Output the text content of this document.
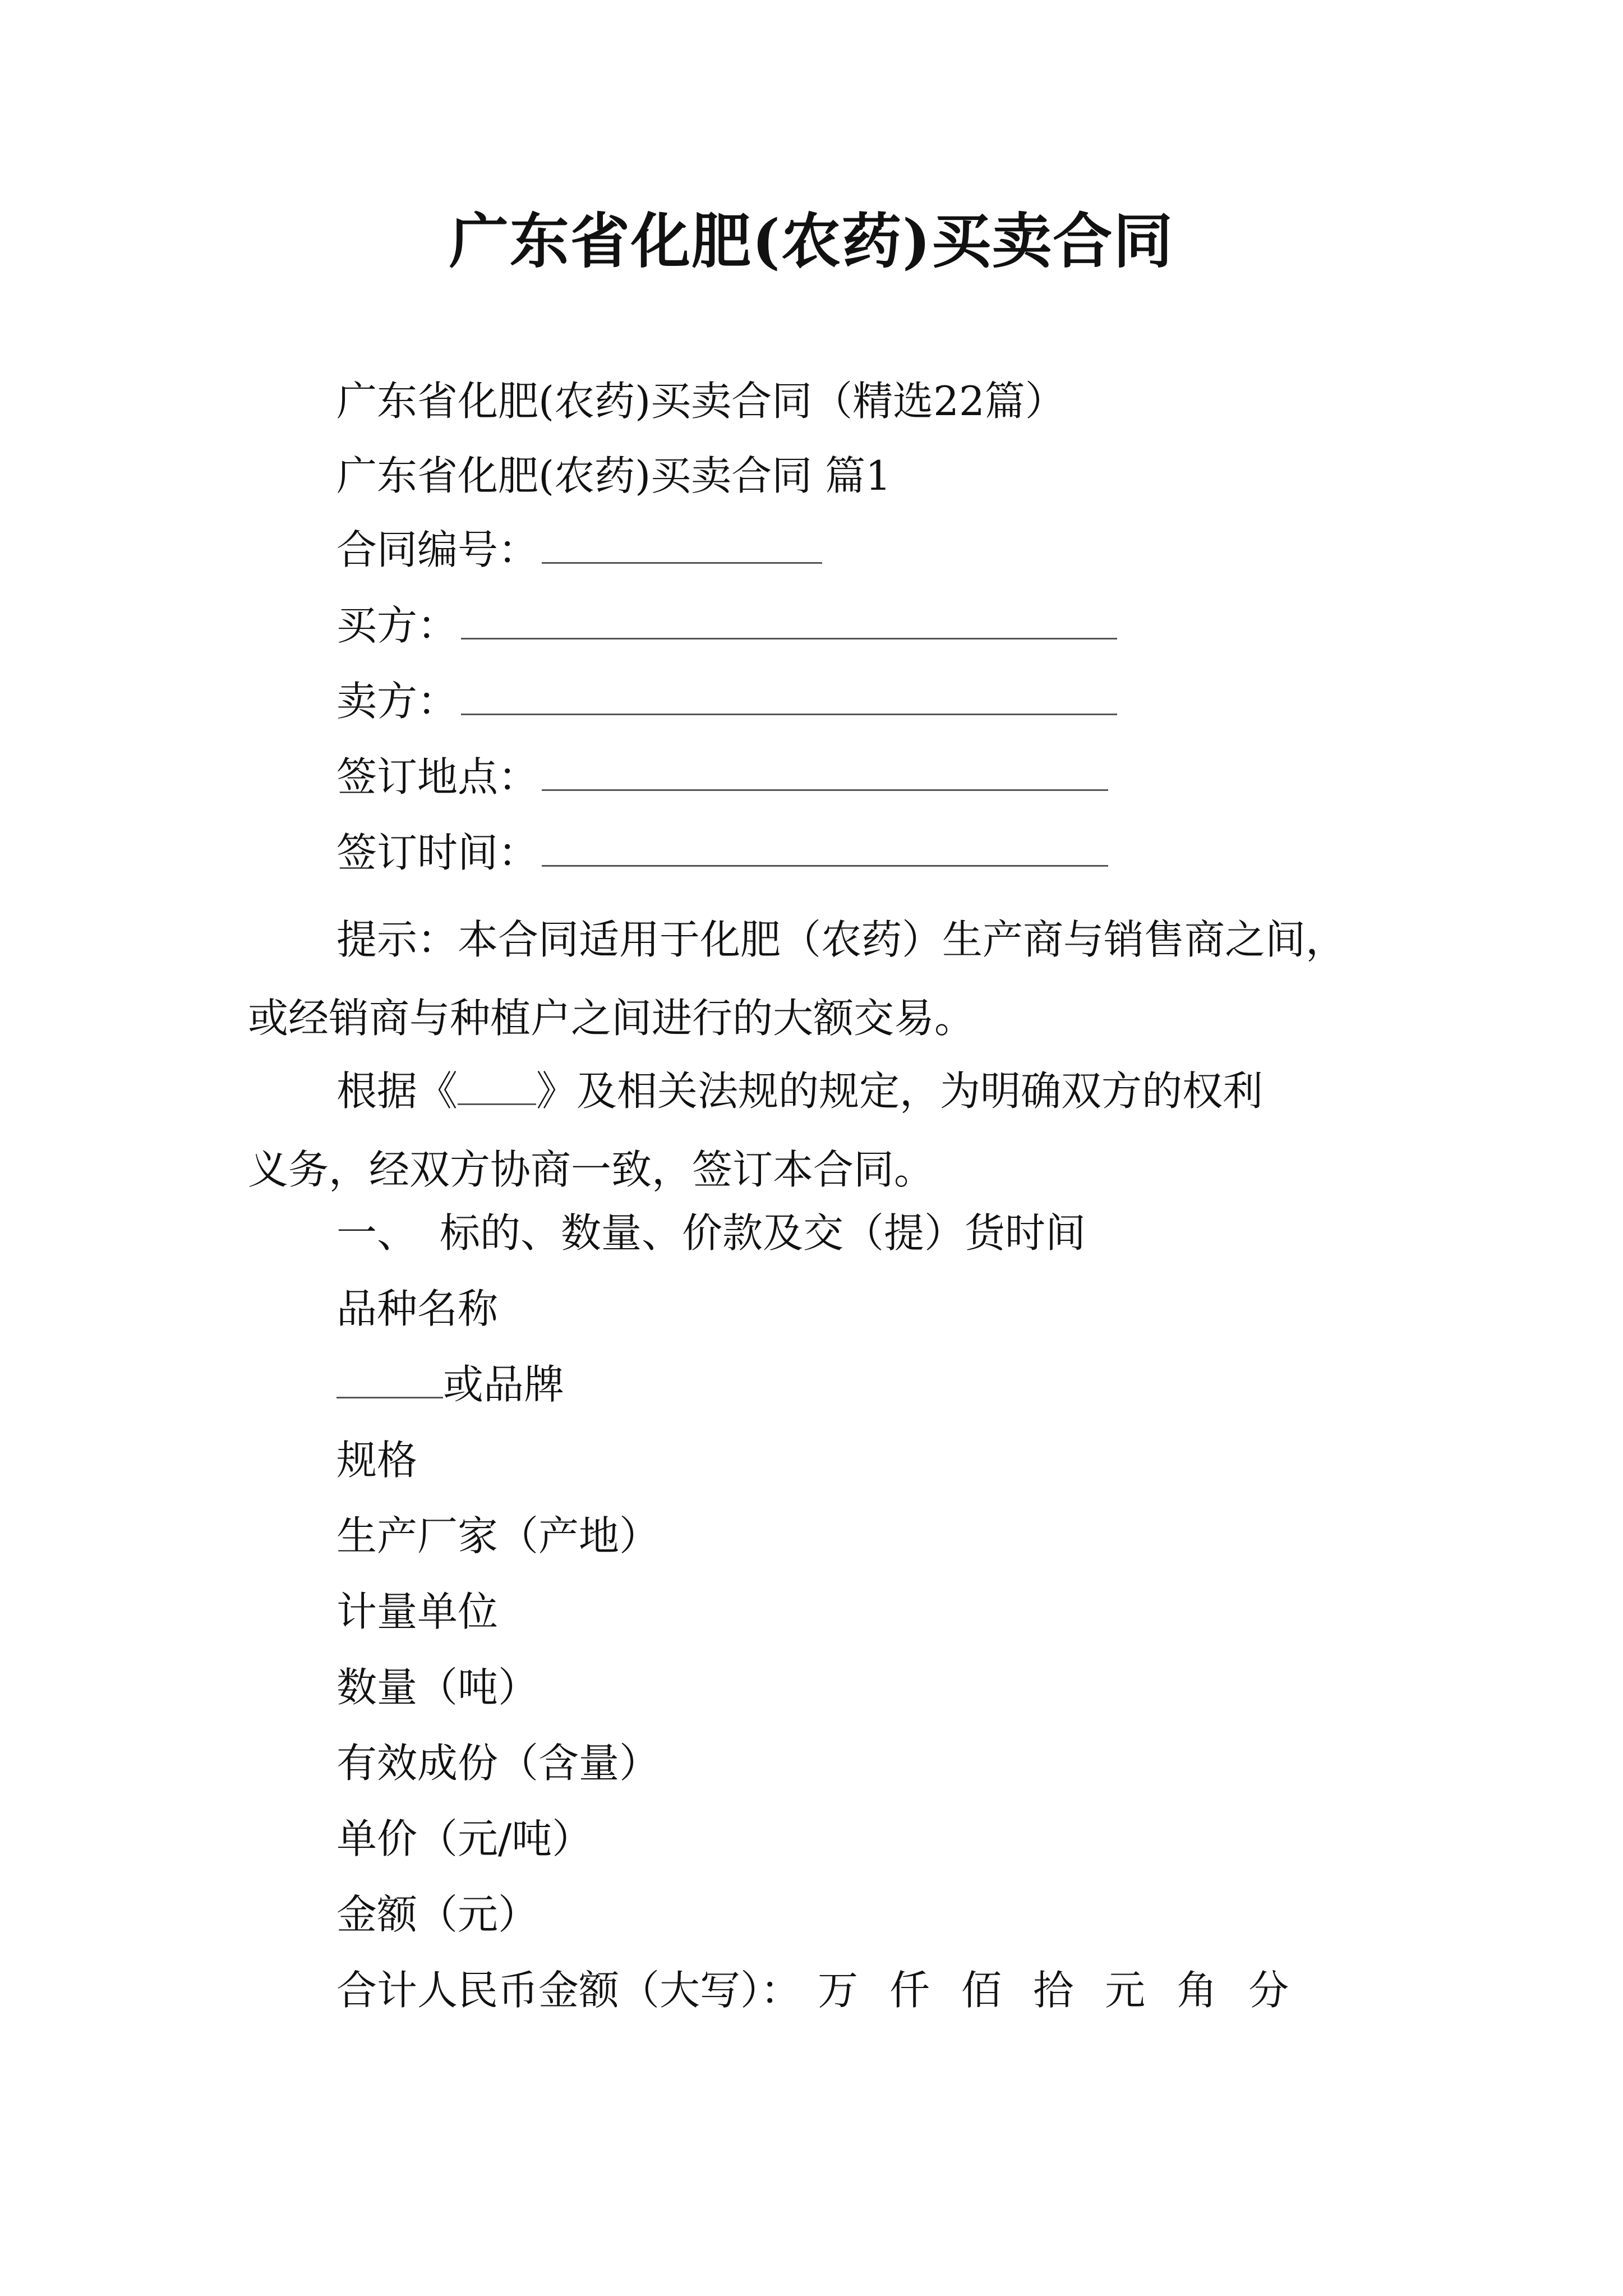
广东省化肥(农药)买卖合同
广东省化肥(农药)买卖合同（精选22篇）
广东省化肥(农药)买卖合同 篇1
合同编号：
买方：
卖方：
签订地点：
签订时间：
提示：本合同适用于化肥（农药）生产商与销售商之间，
或经销商与种植户之间进行的大额交易。
根据《 》及相关法规的规定，为明确双方的权利
义务，经双方协商一致，签订本合同。
一、 标的、数量、价款及交（提）货时间
品种名称
或品牌
规格
生产厂家（产地）
计量单位
数量（吨）
有效成份（含量）
单价（元/吨）
金额（元）
合计人民币金额（大写）： 万 仟 佰 拾 元 角 分
